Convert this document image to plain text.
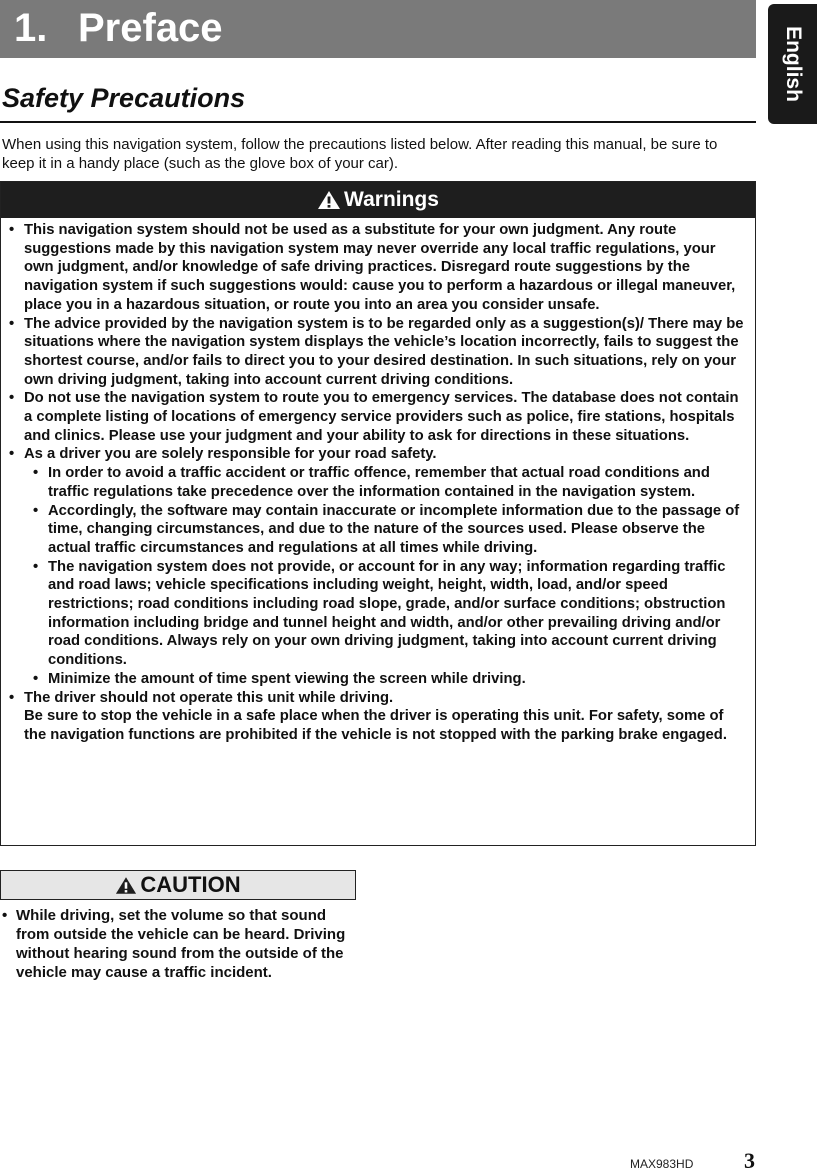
1. Preface	English
Safety Precautions

When using this navigation system, follow the precautions listed below. After reading this manual, be sure to keep it in a handy place (such as the glove box of your car).

Warnings
• This navigation system should not be used as a substitute for your own judgment. Any route suggestions made by this navigation system may never override any local traffic regulations, your own judgment, and/or knowledge of safe driving practices. Disregard route suggestions by the navigation system if such suggestions would: cause you to perform a hazardous or illegal maneuver, place you in a hazardous situation, or route you into an area you consider unsafe.
• The advice provided by the navigation system is to be regarded only as a suggestion(s)/ There may be situations where the navigation system displays the vehicle’s location incorrectly, fails to suggest the shortest course, and/or fails to direct you to your desired destination. In such situations, rely on your own driving judgment, taking into account current driving conditions.
• Do not use the navigation system to route you to emergency services. The database does not contain a complete listing of locations of emergency service providers such as police, fire stations, hospitals and clinics. Please use your judgment and your ability to ask for directions in these situations.
• As a driver you are solely responsible for your road safety.
• In order to avoid a traffic accident or traffic offence, remember that actual road conditions and traffic regulations take precedence over the information contained in the navigation system.
• Accordingly, the software may contain inaccurate or incomplete information due to the passage of time, changing circumstances, and due to the nature of the sources used. Please observe the actual traffic circumstances and regulations at all times while driving.
• The navigation system does not provide, or account for in any way; information regarding traffic and road laws; vehicle specifications including weight, height, width, load, and/or speed restrictions; road conditions including road slope, grade, and/or surface conditions; obstruction information including bridge and tunnel height and width, and/or other prevailing driving and/or road conditions. Always rely on your own driving judgment, taking into account current driving conditions.
• Minimize the amount of time spent viewing the screen while driving.
• The driver should not operate this unit while driving.
Be sure to stop the vehicle in a safe place when the driver is operating this unit. For safety, some of the navigation functions are prohibited if the vehicle is not stopped with the parking brake engaged.
CAUTION
• While driving, set the volume so that sound from outside the vehicle can be heard. Driving without hearing sound from the outside of the vehicle may cause a traffic incident.
MAX983HD 3
